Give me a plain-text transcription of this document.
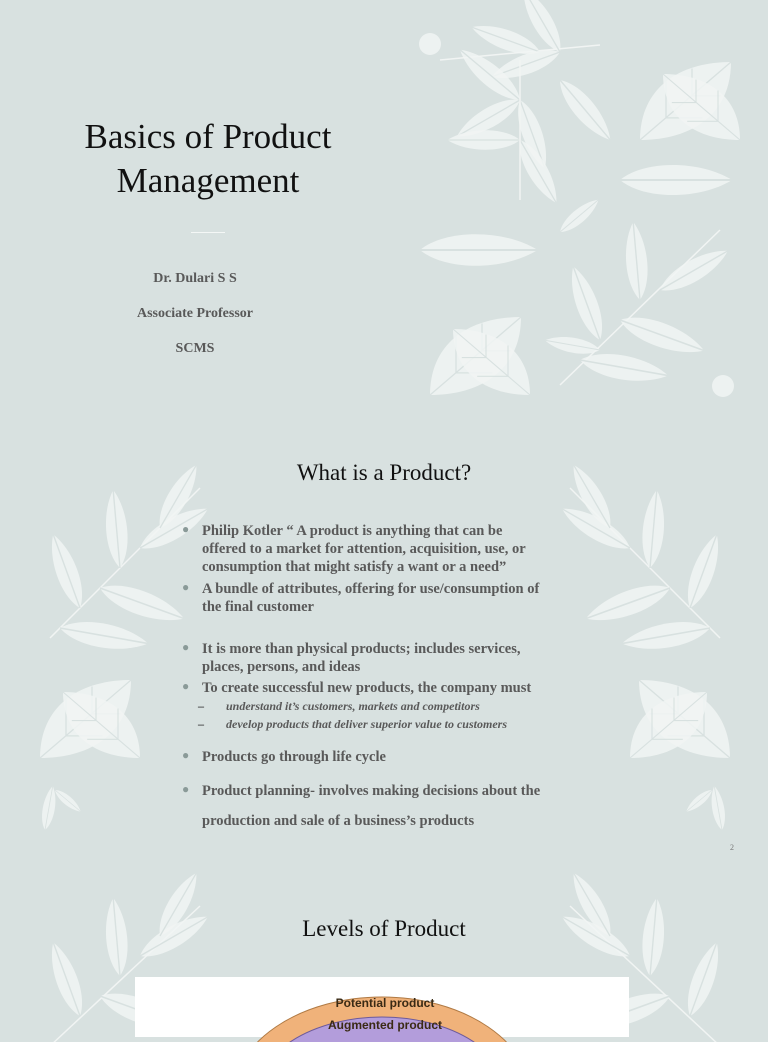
Basics of Product
Management
Dr. Dulari S S
Associate Professor
SCMS
What is a Product?
● Philip Kotler “ A product is anything that can be
offered to a market for attention, acquisition, use, or
consumption that might satisfy a want or a need”
● A bundle of attributes, offering for use/consumption of
the final customer
● It is more than physical products; includes services,
places, persons, and ideas
● To create successful new products, the company must
– understand it’s customers, markets and competitors
– develop products that deliver superior value to customers
● Products go through life cycle
● Product planning- involves making decisions about the
production and sale of a business’s products
2
Levels of Product
Potential product
Augmented product
